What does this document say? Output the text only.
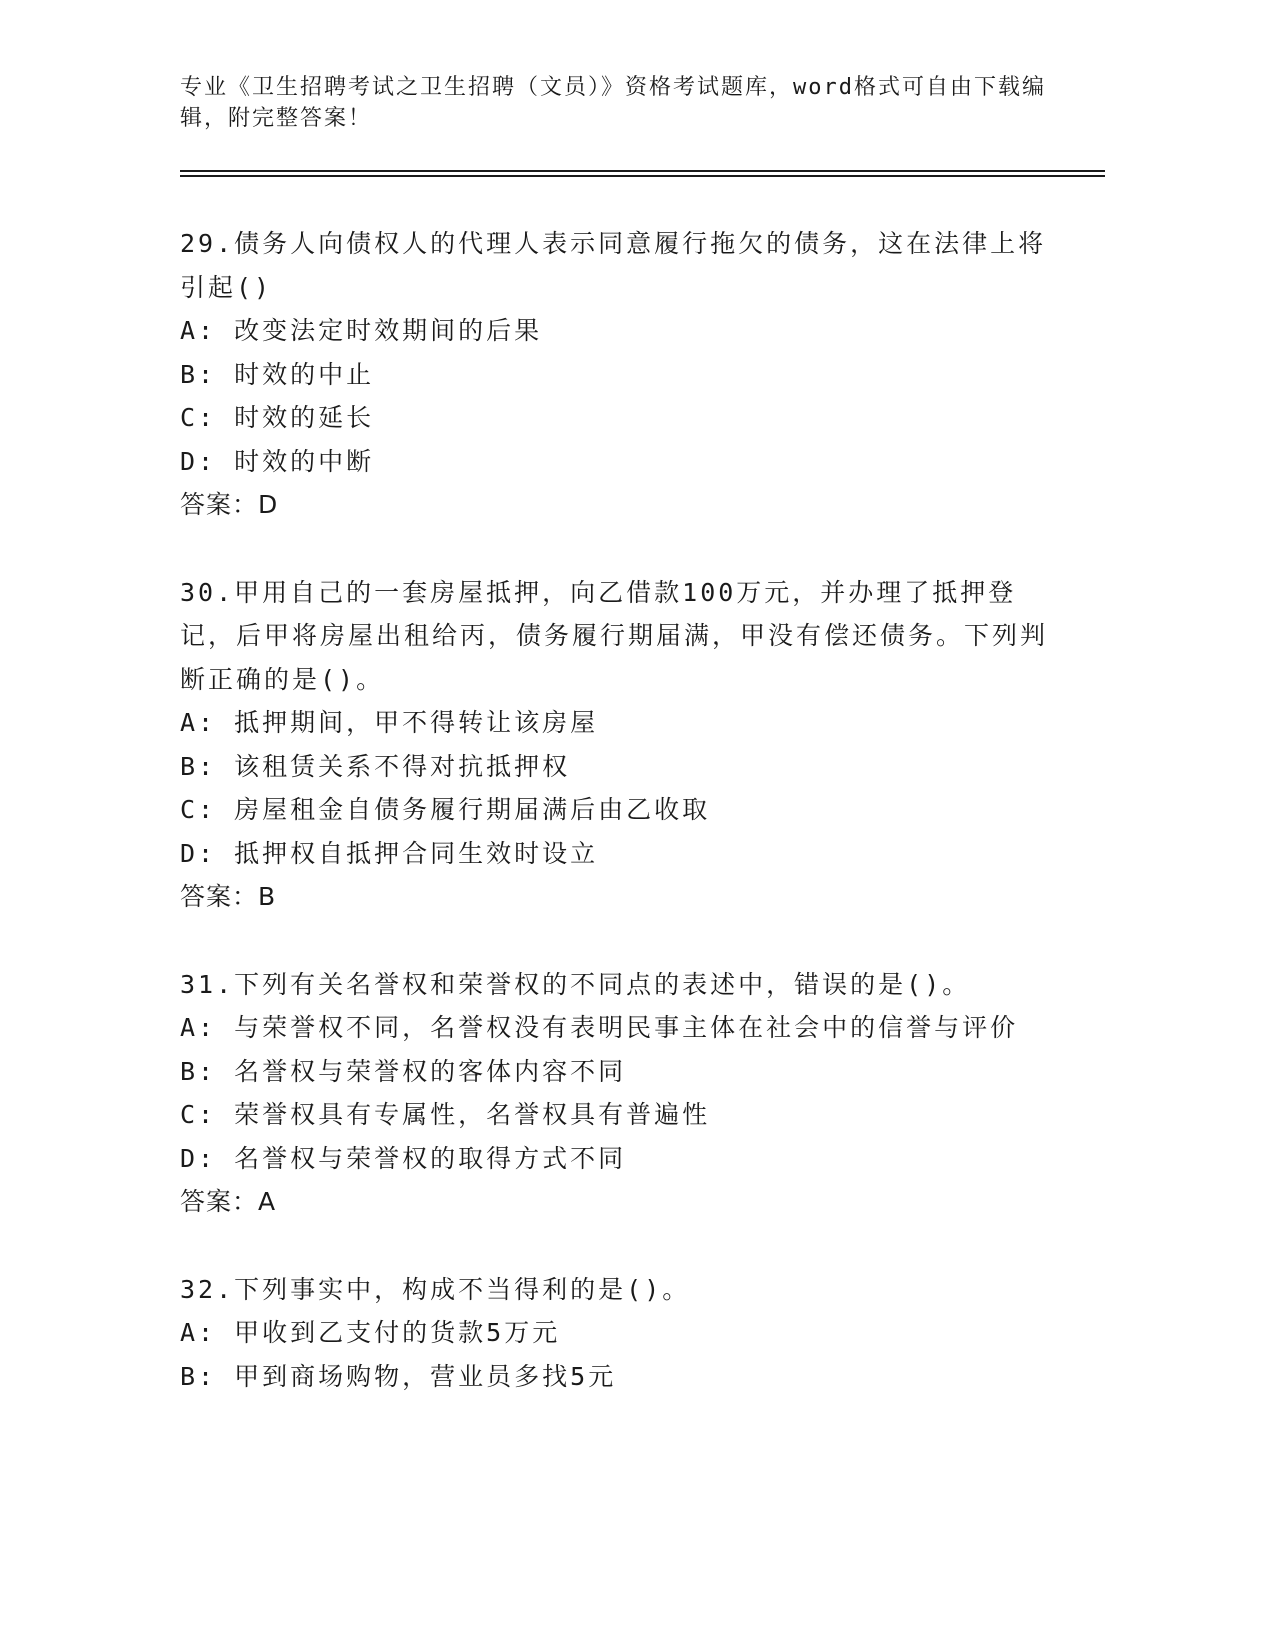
专业《卫生招聘考试之卫生招聘（文员）》资格考试题库，word格式可自由下载编辑，附完整答案！
29.债务人向债权人的代理人表示同意履行拖欠的债务，这在法律上将引起()
A: 改变法定时效期间的后果
B: 时效的中止
C: 时效的延长
D: 时效的中断
答案：D
30.甲用自己的一套房屋抵押，向乙借款100万元，并办理了抵押登记，后甲将房屋出租给丙，债务履行期届满，甲没有偿还债务。下列判断正确的是()。
A: 抵押期间，甲不得转让该房屋
B: 该租赁关系不得对抗抵押权
C: 房屋租金自债务履行期届满后由乙收取
D: 抵押权自抵押合同生效时设立
答案：B
31.下列有关名誉权和荣誉权的不同点的表述中，错误的是()。
A: 与荣誉权不同，名誉权没有表明民事主体在社会中的信誉与评价
B: 名誉权与荣誉权的客体内容不同
C: 荣誉权具有专属性，名誉权具有普遍性
D: 名誉权与荣誉权的取得方式不同
答案：A
32.下列事实中，构成不当得利的是()。
A: 甲收到乙支付的货款5万元
B: 甲到商场购物，营业员多找5元
